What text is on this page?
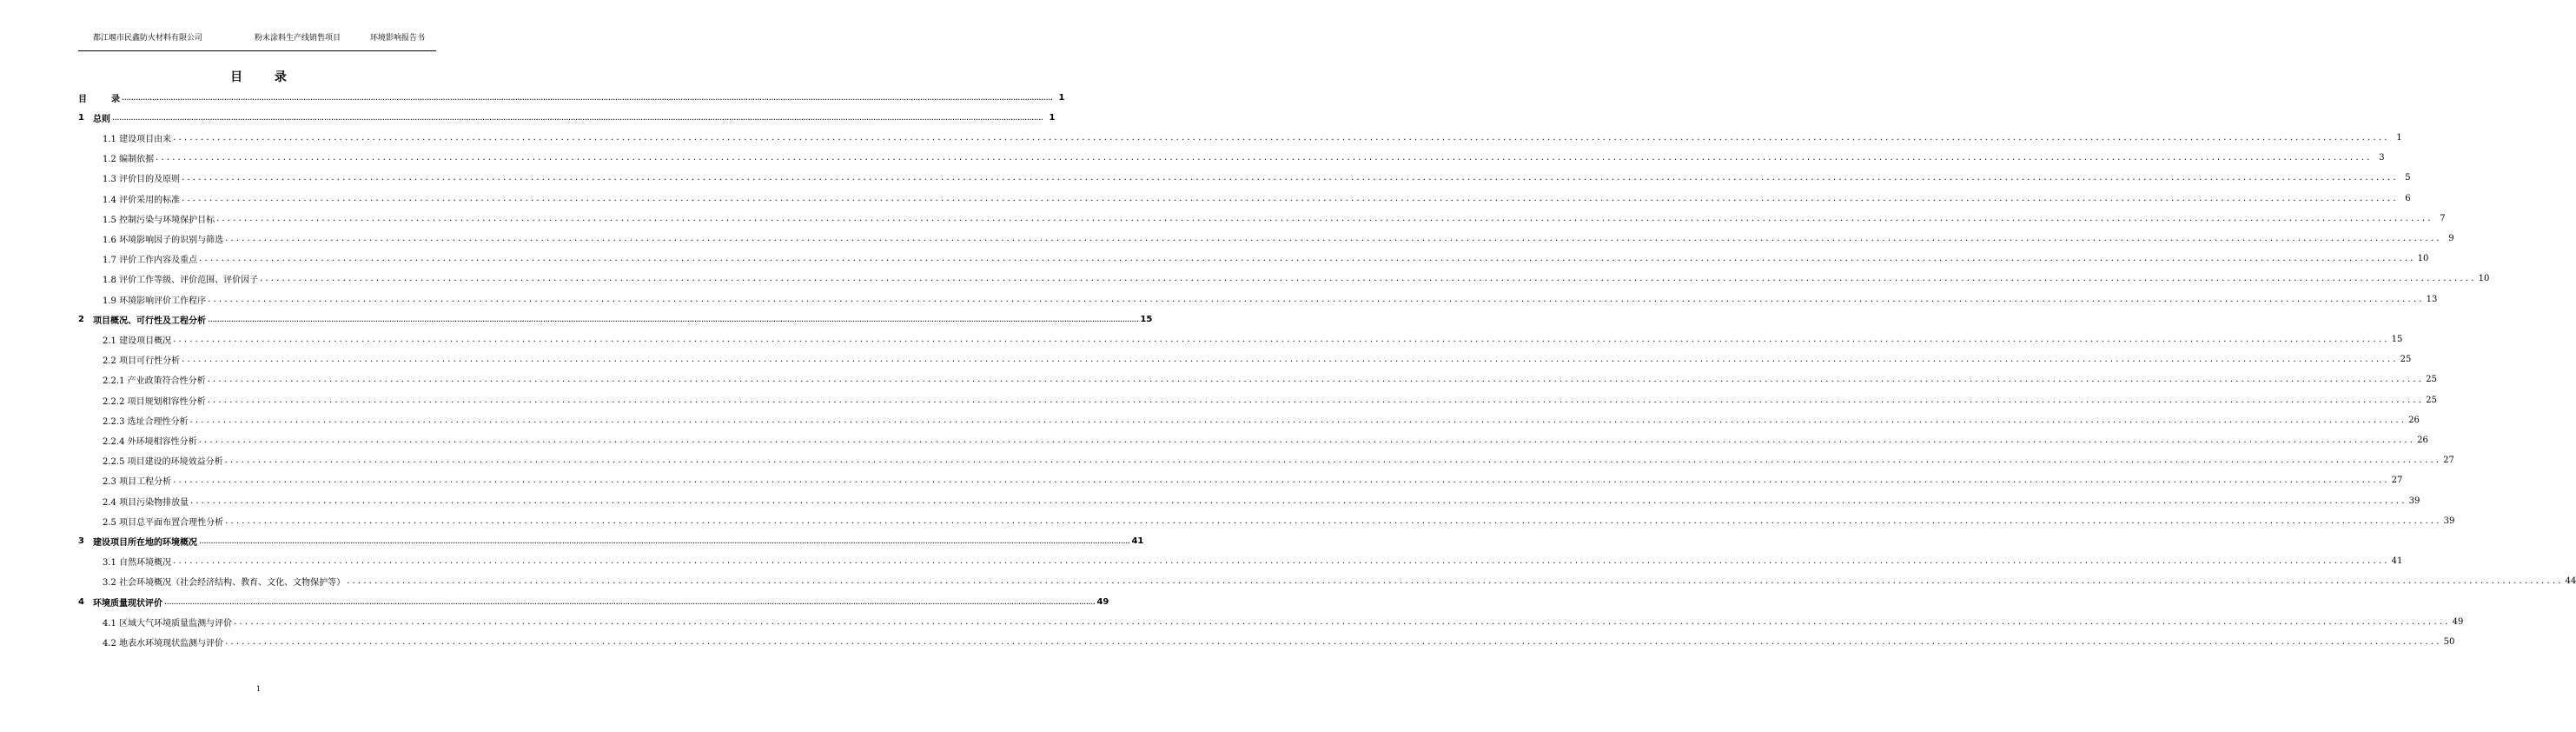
都江堰市民鑫防火材料有限公司	粉末涂料生产线销售项目	环境影响报告书
目 录
目	录 ................................................................................................................................................................................................................................................................................................................................................................................................................ 1
1 总则 ................................................................................................................................................................................................................................................................................................................................................................................................................ 1
1.1 建设项目由来 ................................................................................................................................................................................................................................................................................................................................................................................................................ 1
1.2 编制依据 ................................................................................................................................................................................................................................................................................................................................................................................................................ 3
1.3 评价目的及原则 ................................................................................................................................................................................................................................................................................................................................................................................................................ 5
1.4 评价采用的标准 ................................................................................................................................................................................................................................................................................................................................................................................................................ 6
1.5 控制污染与环境保护目标 ................................................................................................................................................................................................................................................................................................................................................................................................................ 7
1.6 环境影响因子的识别与筛选 ................................................................................................................................................................................................................................................................................................................................................................................................................ 9
1.7 评价工作内容及重点 ................................................................................................................................................................................................................................................................................................................................................................................................................ 10
1.8 评价工作等级、评价范围、评价因子 ................................................................................................................................................................................................................................................................................................................................................................................................................ 10
1.9 环境影响评价工作程序 ................................................................................................................................................................................................................................................................................................................................................................................................................ 13
2 项目概况、可行性及工程分析 ................................................................................................................................................................................................................................................................................................................................................................................................................ 15
2.1 建设项目概况 ................................................................................................................................................................................................................................................................................................................................................................................................................ 15
2.2 项目可行性分析 ................................................................................................................................................................................................................................................................................................................................................................................................................ 25
2.2.1 产业政策符合性分析 ................................................................................................................................................................................................................................................................................................................................................................................................................ 25
2.2.2 项目规划相容性分析 ................................................................................................................................................................................................................................................................................................................................................................................................................ 25
2.2.3 选址合理性分析 ................................................................................................................................................................................................................................................................................................................................................................................................................ 26
2.2.4 外环境相容性分析 ................................................................................................................................................................................................................................................................................................................................................................................................................ 26
2.2.5 项目建设的环境效益分析 ................................................................................................................................................................................................................................................................................................................................................................................................................ 27
2.3 项目工程分析 ................................................................................................................................................................................................................................................................................................................................................................................................................ 27
2.4 项目污染物排放量 ................................................................................................................................................................................................................................................................................................................................................................................................................ 39
2.5 项目总平面布置合理性分析 ................................................................................................................................................................................................................................................................................................................................................................................................................ 39
3 建设项目所在地的环境概况 ................................................................................................................................................................................................................................................................................................................................................................................................................ 41
3.1 自然环境概况 ................................................................................................................................................................................................................................................................................................................................................................................................................ 41
3.2 社会环境概况（社会经济结构、教育、文化、文物保护等） ................................................................................................................................................................................................................................................................................................................................................................................................................ 44
4 环境质量现状评价 ................................................................................................................................................................................................................................................................................................................................................................................................................ 49
4.1 区域大气环境质量监测与评价 ................................................................................................................................................................................................................................................................................................................................................................................................................ 49
4.2 地表水环境现状监测与评价 ................................................................................................................................................................................................................................................................................................................................................................................................................ 50
1
